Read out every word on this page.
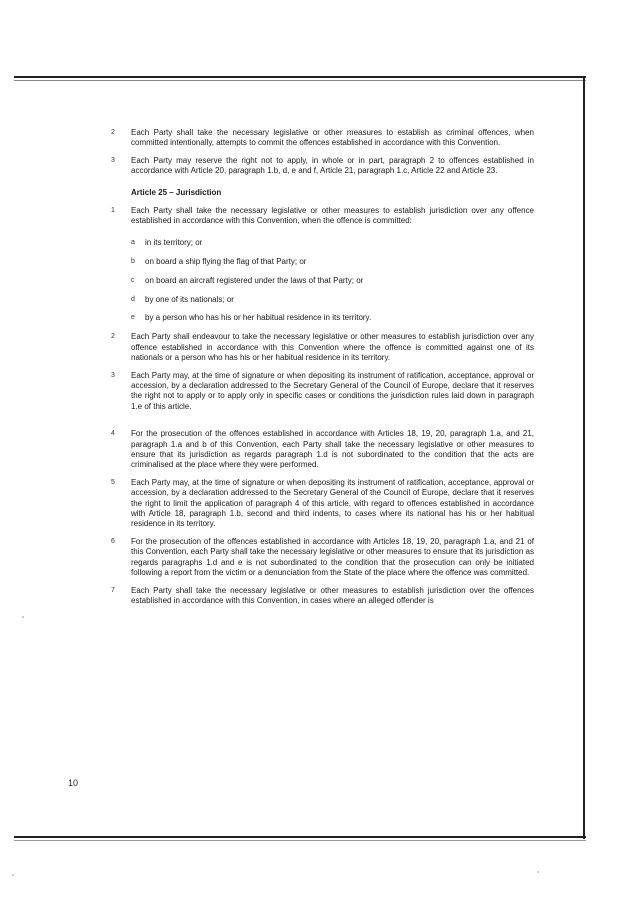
2 Each Party shall take the necessary legislative or other measures to establish as criminal offences, when committed intentionally, attempts to commit the offences established in accordance with this Convention.
3 Each Party may reserve the right not to apply, in whole or in part, paragraph 2 to offences established in accordance with Article 20, paragraph 1.b, d, e and f, Article 21, paragraph 1.c, Article 22 and Article 23.
Article 25 – Jurisdiction
1 Each Party shall take the necessary legislative or other measures to establish jurisdiction over any offence established in accordance with this Convention, when the offence is committed:
a in its territory; or
b on board a ship flying the flag of that Party; or
c on board an aircraft registered under the laws of that Party; or
d by one of its nationals; or
e by a person who has his or her habitual residence in its territory.
2 Each Party shall endeavour to take the necessary legislative or other measures to establish jurisdiction over any offence established in accordance with this Convention where the offence is committed against one of its nationals or a person who has his or her habitual residence in its territory.
3 Each Party may, at the time of signature or when depositing its instrument of ratification, acceptance, approval or accession, by a declaration addressed to the Secretary General of the Council of Europe, declare that it reserves the right not to apply or to apply only in specific cases or conditions the jurisdiction rules laid down in paragraph 1.e of this article.
4 For the prosecution of the offences established in accordance with Articles 18, 19, 20, paragraph 1.a, and 21, paragraph 1.a and b of this Convention, each Party shall take the necessary legislative or other measures to ensure that its jurisdiction as regards paragraph 1.d is not subordinated to the condition that the acts are criminalised at the place where they were performed.
5 Each Party may, at the time of signature or when depositing its instrument of ratification, acceptance, approval or accession, by a declaration addressed to the Secretary General of the Council of Europe, declare that it reserves the right to limit the application of paragraph 4 of this article, with regard to offences established in accordance with Article 18, paragraph 1.b, second and third indents, to cases where its national has his or her habitual residence in its territory.
6 For the prosecution of the offences established in accordance with Articles 18, 19, 20, paragraph 1.a, and 21 of this Convention, each Party shall take the necessary legislative or other measures to ensure that its jurisdiction as regards paragraphs 1.d and e is not subordinated to the condition that the prosecution can only be initiated following a report from the victim or a denunciation from the State of the place where the offence was committed.
7 Each Party shall take the necessary legislative or other measures to establish jurisdiction over the offences established in accordance with this Convention, in cases where an alleged offender is
10
